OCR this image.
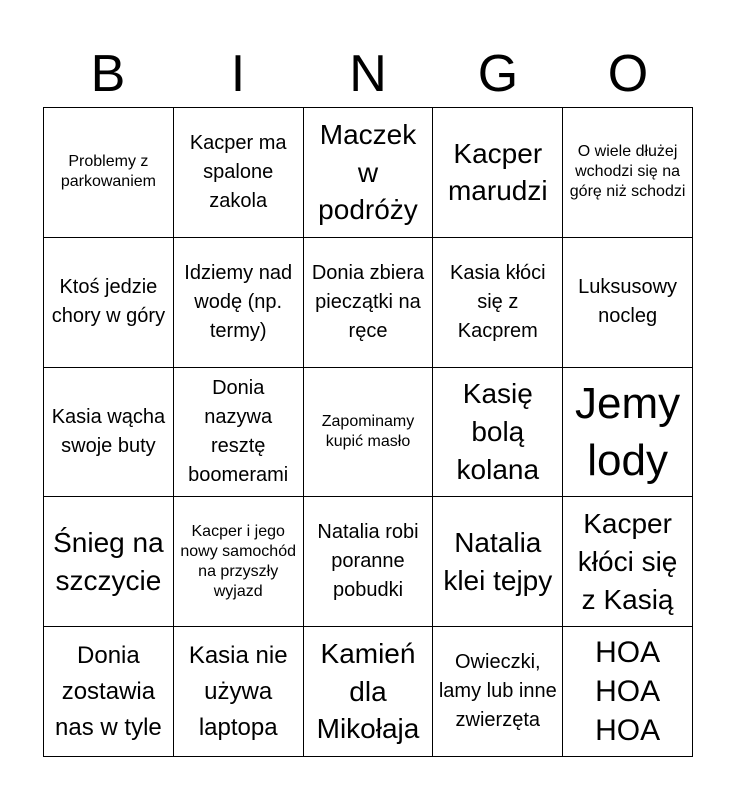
B	I	N	G	O
Problemy z parkowaniem
Kacper ma spalone zakola
Maczek w podróży
Kacper marudzi
O wiele dłużej wchodzi się na górę niż schodzi
Ktoś jedzie chory w góry
Idziemy nad wodę (np. termy)
Donia zbiera pieczątki na ręce
Kasia kłóci się z Kacprem
Luksusowy nocleg
Kasia wącha swoje buty
Donia nazywa resztę boomerami
Zapominamy kupić masło
Kasię bolą kolana
Jemy lody
Śnieg na szczycie
Kacper i jego nowy samochód na przyszły wyjazd
Natalia robi poranne pobudki
Natalia klei tejpy
Kacper kłóci się z Kasią
Donia zostawia nas w tyle
Kasia nie używa laptopa
Kamień dla Mikołaja
Owieczki, lamy lub inne zwierzęta
HOA HOA HOA
